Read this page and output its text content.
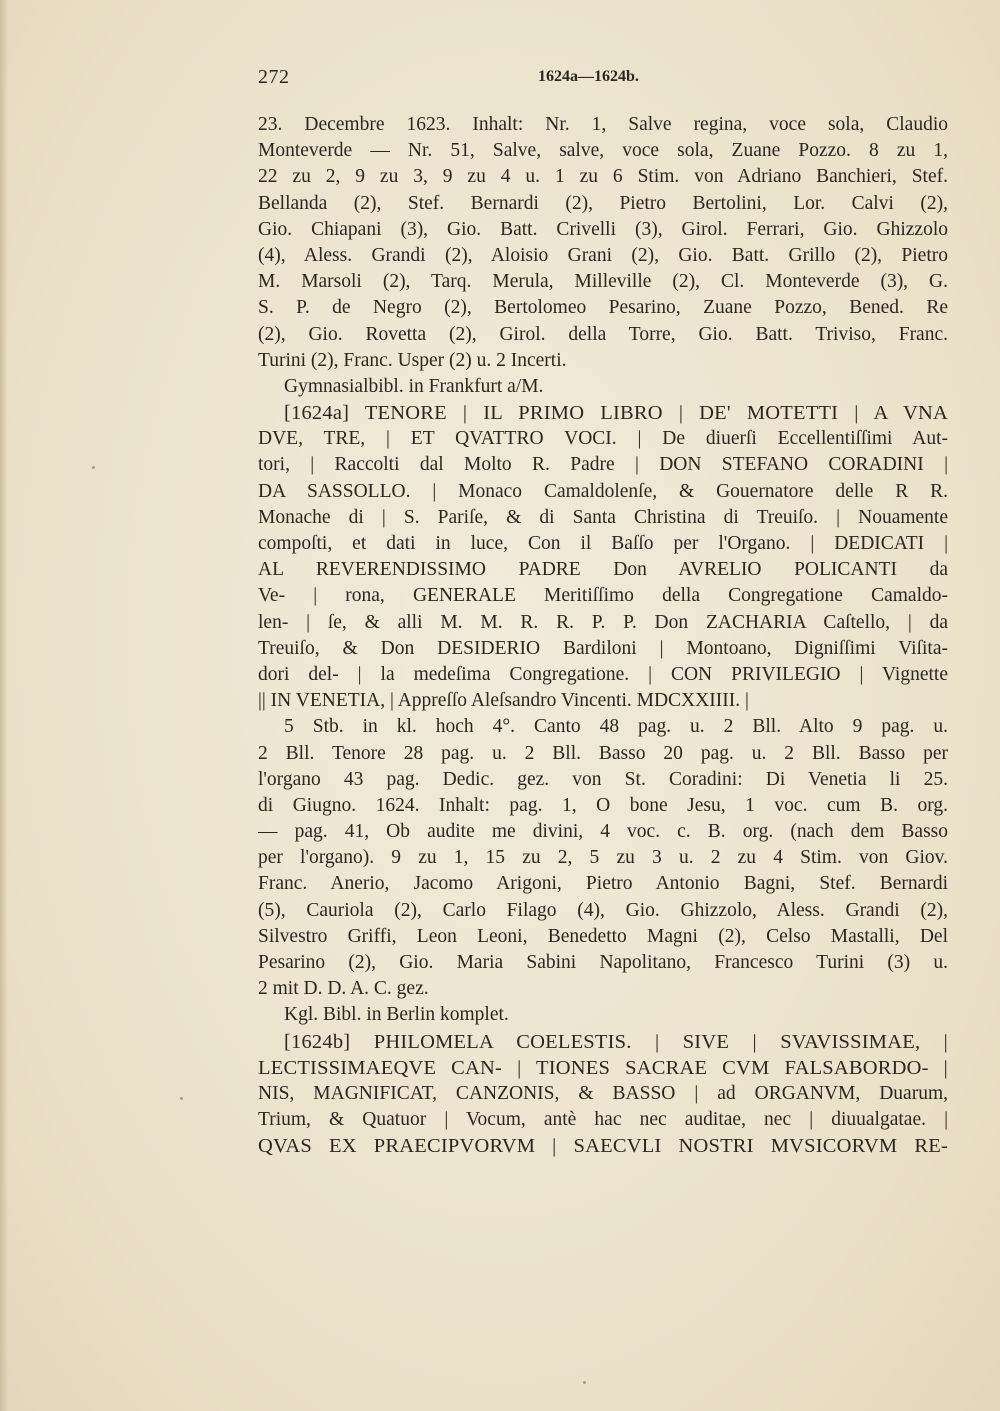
272	1624a—1624b.
23. Decembre 1623. Inhalt: Nr. 1, Salve regina, voce sola, Claudio
Monteverde — Nr. 51, Salve, salve, voce sola, Zuane Pozzo. 8 zu 1,
22 zu 2, 9 zu 3, 9 zu 4 u. 1 zu 6 Stim. von Adriano Banchieri, Stef.
Bellanda (2), Stef. Bernardi (2), Pietro Bertolini, Lor. Calvi (2),
Gio. Chiapani (3), Gio. Batt. Crivelli (3), Girol. Ferrari, Gio. Ghizzolo
(4), Aless. Grandi (2), Aloisio Grani (2), Gio. Batt. Grillo (2), Pietro
M. Marsoli (2), Tarq. Merula, Milleville (2), Cl. Monteverde (3), G.
S. P. de Negro (2), Bertolomeo Pesarino, Zuane Pozzo, Bened. Re
(2), Gio. Rovetta (2), Girol. della Torre, Gio. Batt. Triviso, Franc.
Turini (2), Franc. Usper (2) u. 2 Incerti.
Gymnasialbibl. in Frankfurt a/M.
[1624a] TENORE | IL PRIMO LIBRO | DE' MOTETTI | A VNA
DVE, TRE, | ET QVATTRO VOCI. | De diuerſi Eccellentiſſimi Aut-
tori, | Raccolti dal Molto R. Padre | DON STEFANO CORADINI |
DA SASSOLLO. | Monaco Camaldolenſe, & Gouernatore delle R R.
Monache di | S. Pariſe, & di Santa Christina di Treuiſo. | Nouamente
compoſti, et dati in luce, Con il Baſſo per l'Organo. | DEDICATI |
AL REVERENDISSIMO PADRE Don AVRELIO POLICANTI da
Ve- | rona, GENERALE Meritiſſimo della Congregatione Camaldo-
len- | ſe, & alli M. M. R. R. P. P. Don ZACHARIA Caſtello, | da
Treuiſo, & Don DESIDERIO Bardiloni | Montoano, Digniſſimi Viſita-
dori del- | la medeſima Congregatione. | CON PRIVILEGIO | Vignette
|| IN VENETIA, | Appreſſo Aleſsandro Vincenti. MDCXXIIII. |
5 Stb. in kl. hoch 4°. Canto 48 pag. u. 2 Bll. Alto 9 pag. u.
2 Bll. Tenore 28 pag. u. 2 Bll. Basso 20 pag. u. 2 Bll. Basso per
l'organo 43 pag. Dedic. gez. von St. Coradini: Di Venetia li 25.
di Giugno. 1624. Inhalt: pag. 1, O bone Jesu, 1 voc. cum B. org.
— pag. 41, Ob audite me divini, 4 voc. c. B. org. (nach dem Basso
per l'organo). 9 zu 1, 15 zu 2, 5 zu 3 u. 2 zu 4 Stim. von Giov.
Franc. Anerio, Jacomo Arigoni, Pietro Antonio Bagni, Stef. Bernardi
(5), Cauriola (2), Carlo Filago (4), Gio. Ghizzolo, Aless. Grandi (2),
Silvestro Griffi, Leon Leoni, Benedetto Magni (2), Celso Mastalli, Del
Pesarino (2), Gio. Maria Sabini Napolitano, Francesco Turini (3) u.
2 mit D. D. A. C. gez.
Kgl. Bibl. in Berlin komplet.
[1624b] PHILOMELA COELESTIS. | SIVE | SVAVISSIMAE, |
LECTISSIMAEQVE CAN- | TIONES SACRAE CVM FALSABORDO- |
NIS, MAGNIFICAT, CANZONIS, & BASSO | ad ORGANVM, Duarum,
Trium, & Quatuor | Vocum, antè hac nec auditae, nec | diuualgatae. |
QVAS EX PRAECIPVORVM | SAECVLI NOSTRI MVSICORVM RE-
